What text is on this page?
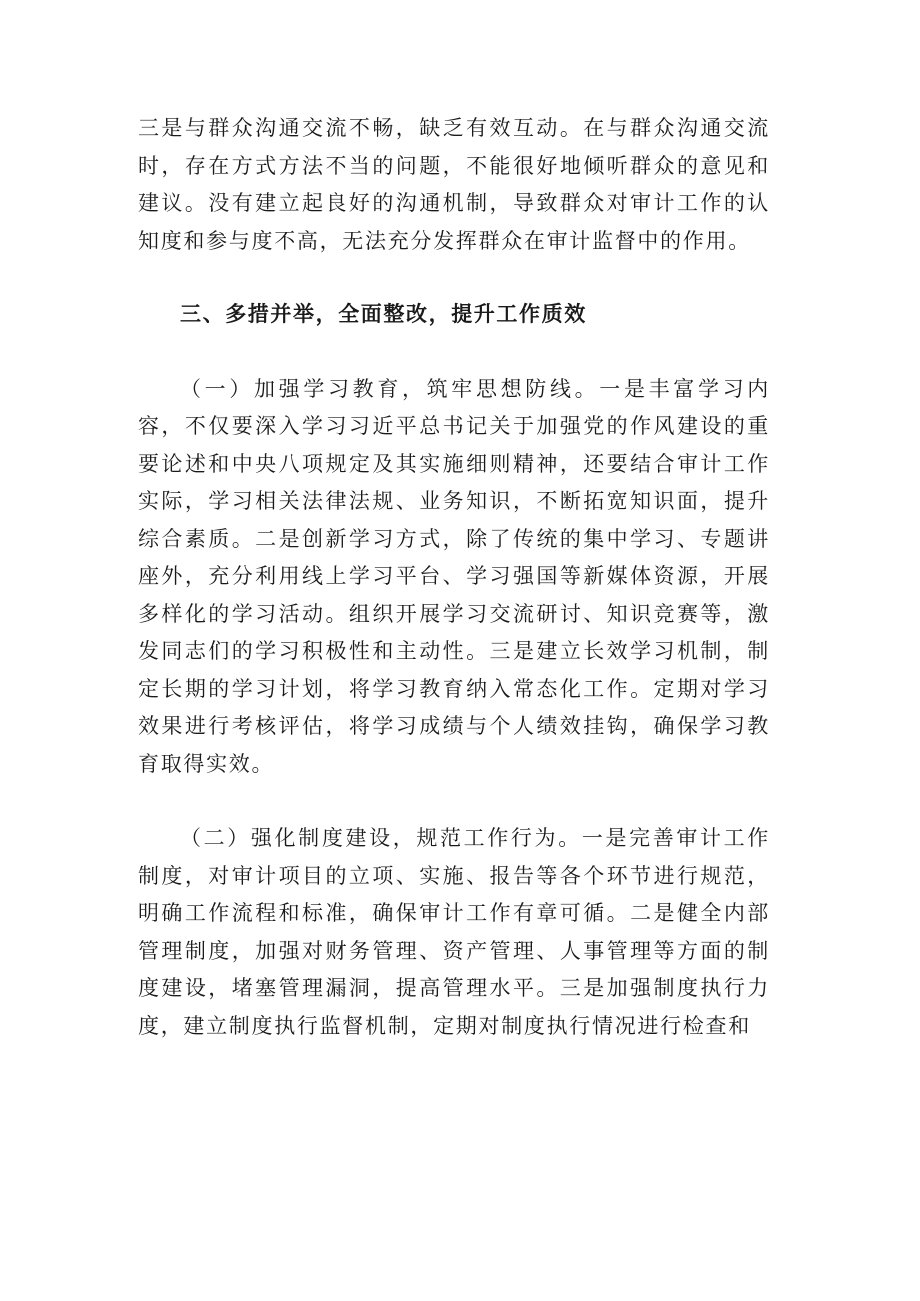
三是与群众沟通交流不畅，缺乏有效互动。在与群众沟通交流时，存在方式方法不当的问题，不能很好地倾听群众的意见和建议。没有建立起良好的沟通机制，导致群众对审计工作的认知度和参与度不高，无法充分发挥群众在审计监督中的作用。

三、多措并举，全面整改，提升工作质效

（一）加强学习教育，筑牢思想防线。一是丰富学习内容，不仅要深入学习习近平总书记关于加强党的作风建设的重要论述和中央八项规定及其实施细则精神，还要结合审计工作实际，学习相关法律法规、业务知识，不断拓宽知识面，提升综合素质。二是创新学习方式，除了传统的集中学习、专题讲座外，充分利用线上学习平台、学习强国等新媒体资源，开展多样化的学习活动。组织开展学习交流研讨、知识竞赛等，激发同志们的学习积极性和主动性。三是建立长效学习机制，制定长期的学习计划，将学习教育纳入常态化工作。定期对学习效果进行考核评估，将学习成绩与个人绩效挂钩，确保学习教育取得实效。

（二）强化制度建设，规范工作行为。一是完善审计工作制度，对审计项目的立项、实施、报告等各个环节进行规范，明确工作流程和标准，确保审计工作有章可循。二是健全内部管理制度，加强对财务管理、资产管理、人事管理等方面的制度建设，堵塞管理漏洞，提高管理水平。三是加强制度执行力度，建立制度执行监督机制，定期对制度执行情况进行检查和
